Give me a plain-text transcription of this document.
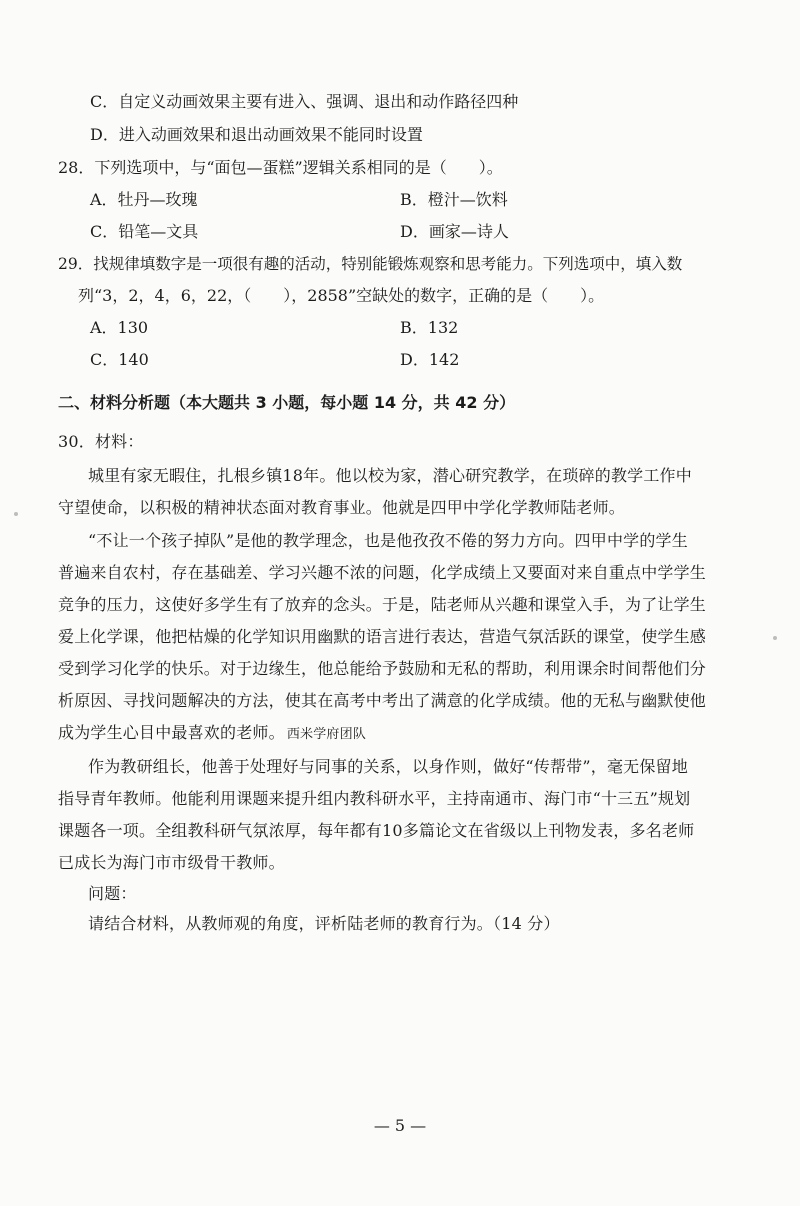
C．自定义动画效果主要有进入、强调、退出和动作路径四种
D．进入动画效果和退出动画效果不能同时设置
28．下列选项中，与“面包—蛋糕”逻辑关系相同的是（　　）。
A．牡丹—玫瑰	B．橙汁—饮料
C．铅笔—文具	D．画家—诗人
29．找规律填数字是一项很有趣的活动，特别能锻炼观察和思考能力。下列选项中，填入数
列“3，2，4，6，22，（　　），2858”空缺处的数字，正确的是（　　）。
A．130	B．132
C．140	D．142
二、材料分析题（本大题共 3 小题，每小题 14 分，共 42 分）
30．材料：
城里有家无暇住，扎根乡镇18年。他以校为家，潜心研究教学，在琐碎的教学工作中
守望使命，以积极的精神状态面对教育事业。他就是四甲中学化学教师陆老师。
“不让一个孩子掉队”是他的教学理念，也是他孜孜不倦的努力方向。四甲中学的学生
普遍来自农村，存在基础差、学习兴趣不浓的问题，化学成绩上又要面对来自重点中学学生
竞争的压力，这使好多学生有了放弃的念头。于是，陆老师从兴趣和课堂入手，为了让学生
爱上化学课，他把枯燥的化学知识用幽默的语言进行表达，营造气氛活跃的课堂，使学生感
受到学习化学的快乐。对于边缘生，他总能给予鼓励和无私的帮助，利用课余时间帮他们分
析原因、寻找问题解决的方法，使其在高考中考出了满意的化学成绩。他的无私与幽默使他
成为学生心目中最喜欢的老师。 西米学府团队
作为教研组长，他善于处理好与同事的关系，以身作则，做好“传帮带”，毫无保留地
指导青年教师。他能利用课题来提升组内教科研水平，主持南通市、海门市“十三五”规划
课题各一项。全组教科研气氛浓厚，每年都有10多篇论文在省级以上刊物发表，多名老师
已成长为海门市市级骨干教师。
问题：
请结合材料，从教师观的角度，评析陆老师的教育行为。（14 分）
— 5 —
